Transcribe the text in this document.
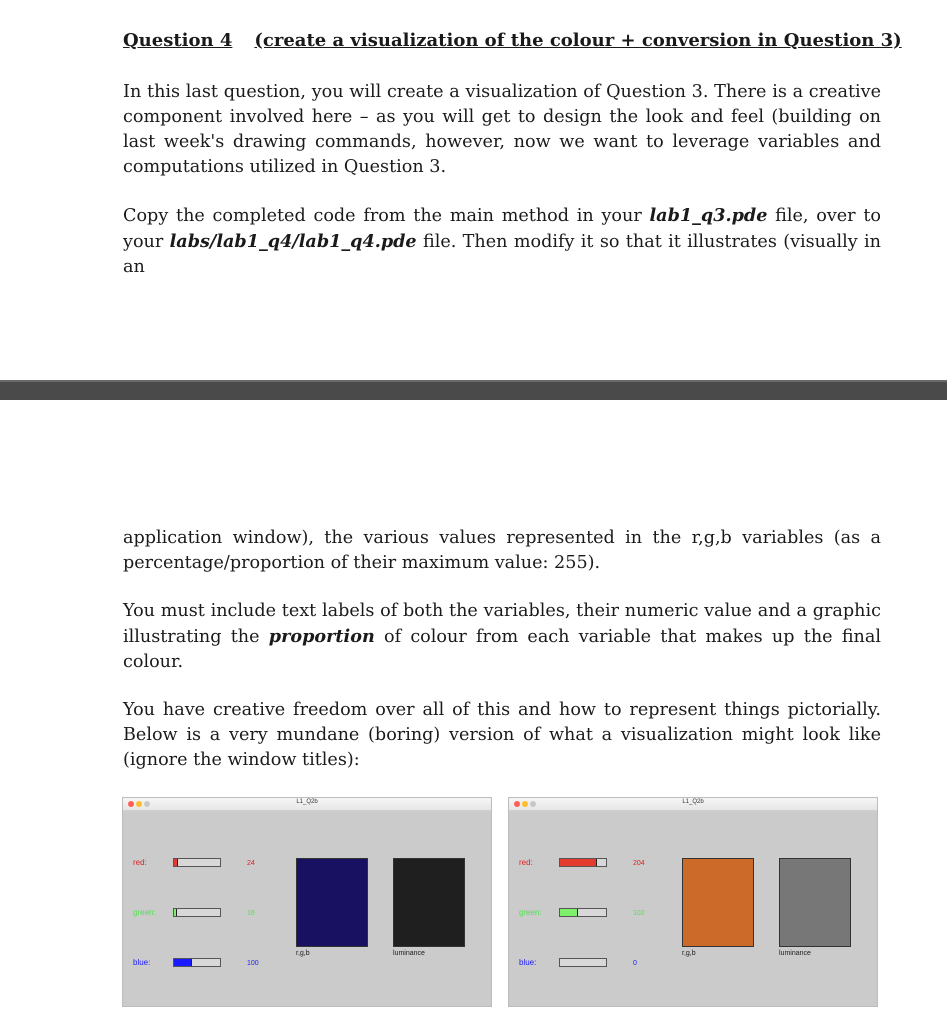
Question 4 (create a visualization of the colour + conversion in Question 3)
In this last question, you will create a visualization of Question 3. There is a creative component involved here – as you will get to design the look and feel (building on last week's drawing commands, however, now we want to leverage variables and computations utilized in Question 3.
Copy the completed code from the main method in your lab1_q3.pde file, over to your labs/lab1_q4/lab1_q4.pde file. Then modify it so that it illustrates (visually in an
application window), the various values represented in the r,g,b variables (as a percentage/proportion of their maximum value: 255).
You must include text labels of both the variables, their numeric value and a graphic illustrating the proportion of colour from each variable that makes up the final colour.
You have creative freedom over all of this and how to represent things pictorially. Below is a very mundane (boring) version of what a visualization might look like (ignore the window titles):
L1_Q2b
red:	24
green:	16
blue:	100
r,g,b	luminance
L1_Q2b
red:	204
green:	102
blue:	0
r,g,b	luminance
